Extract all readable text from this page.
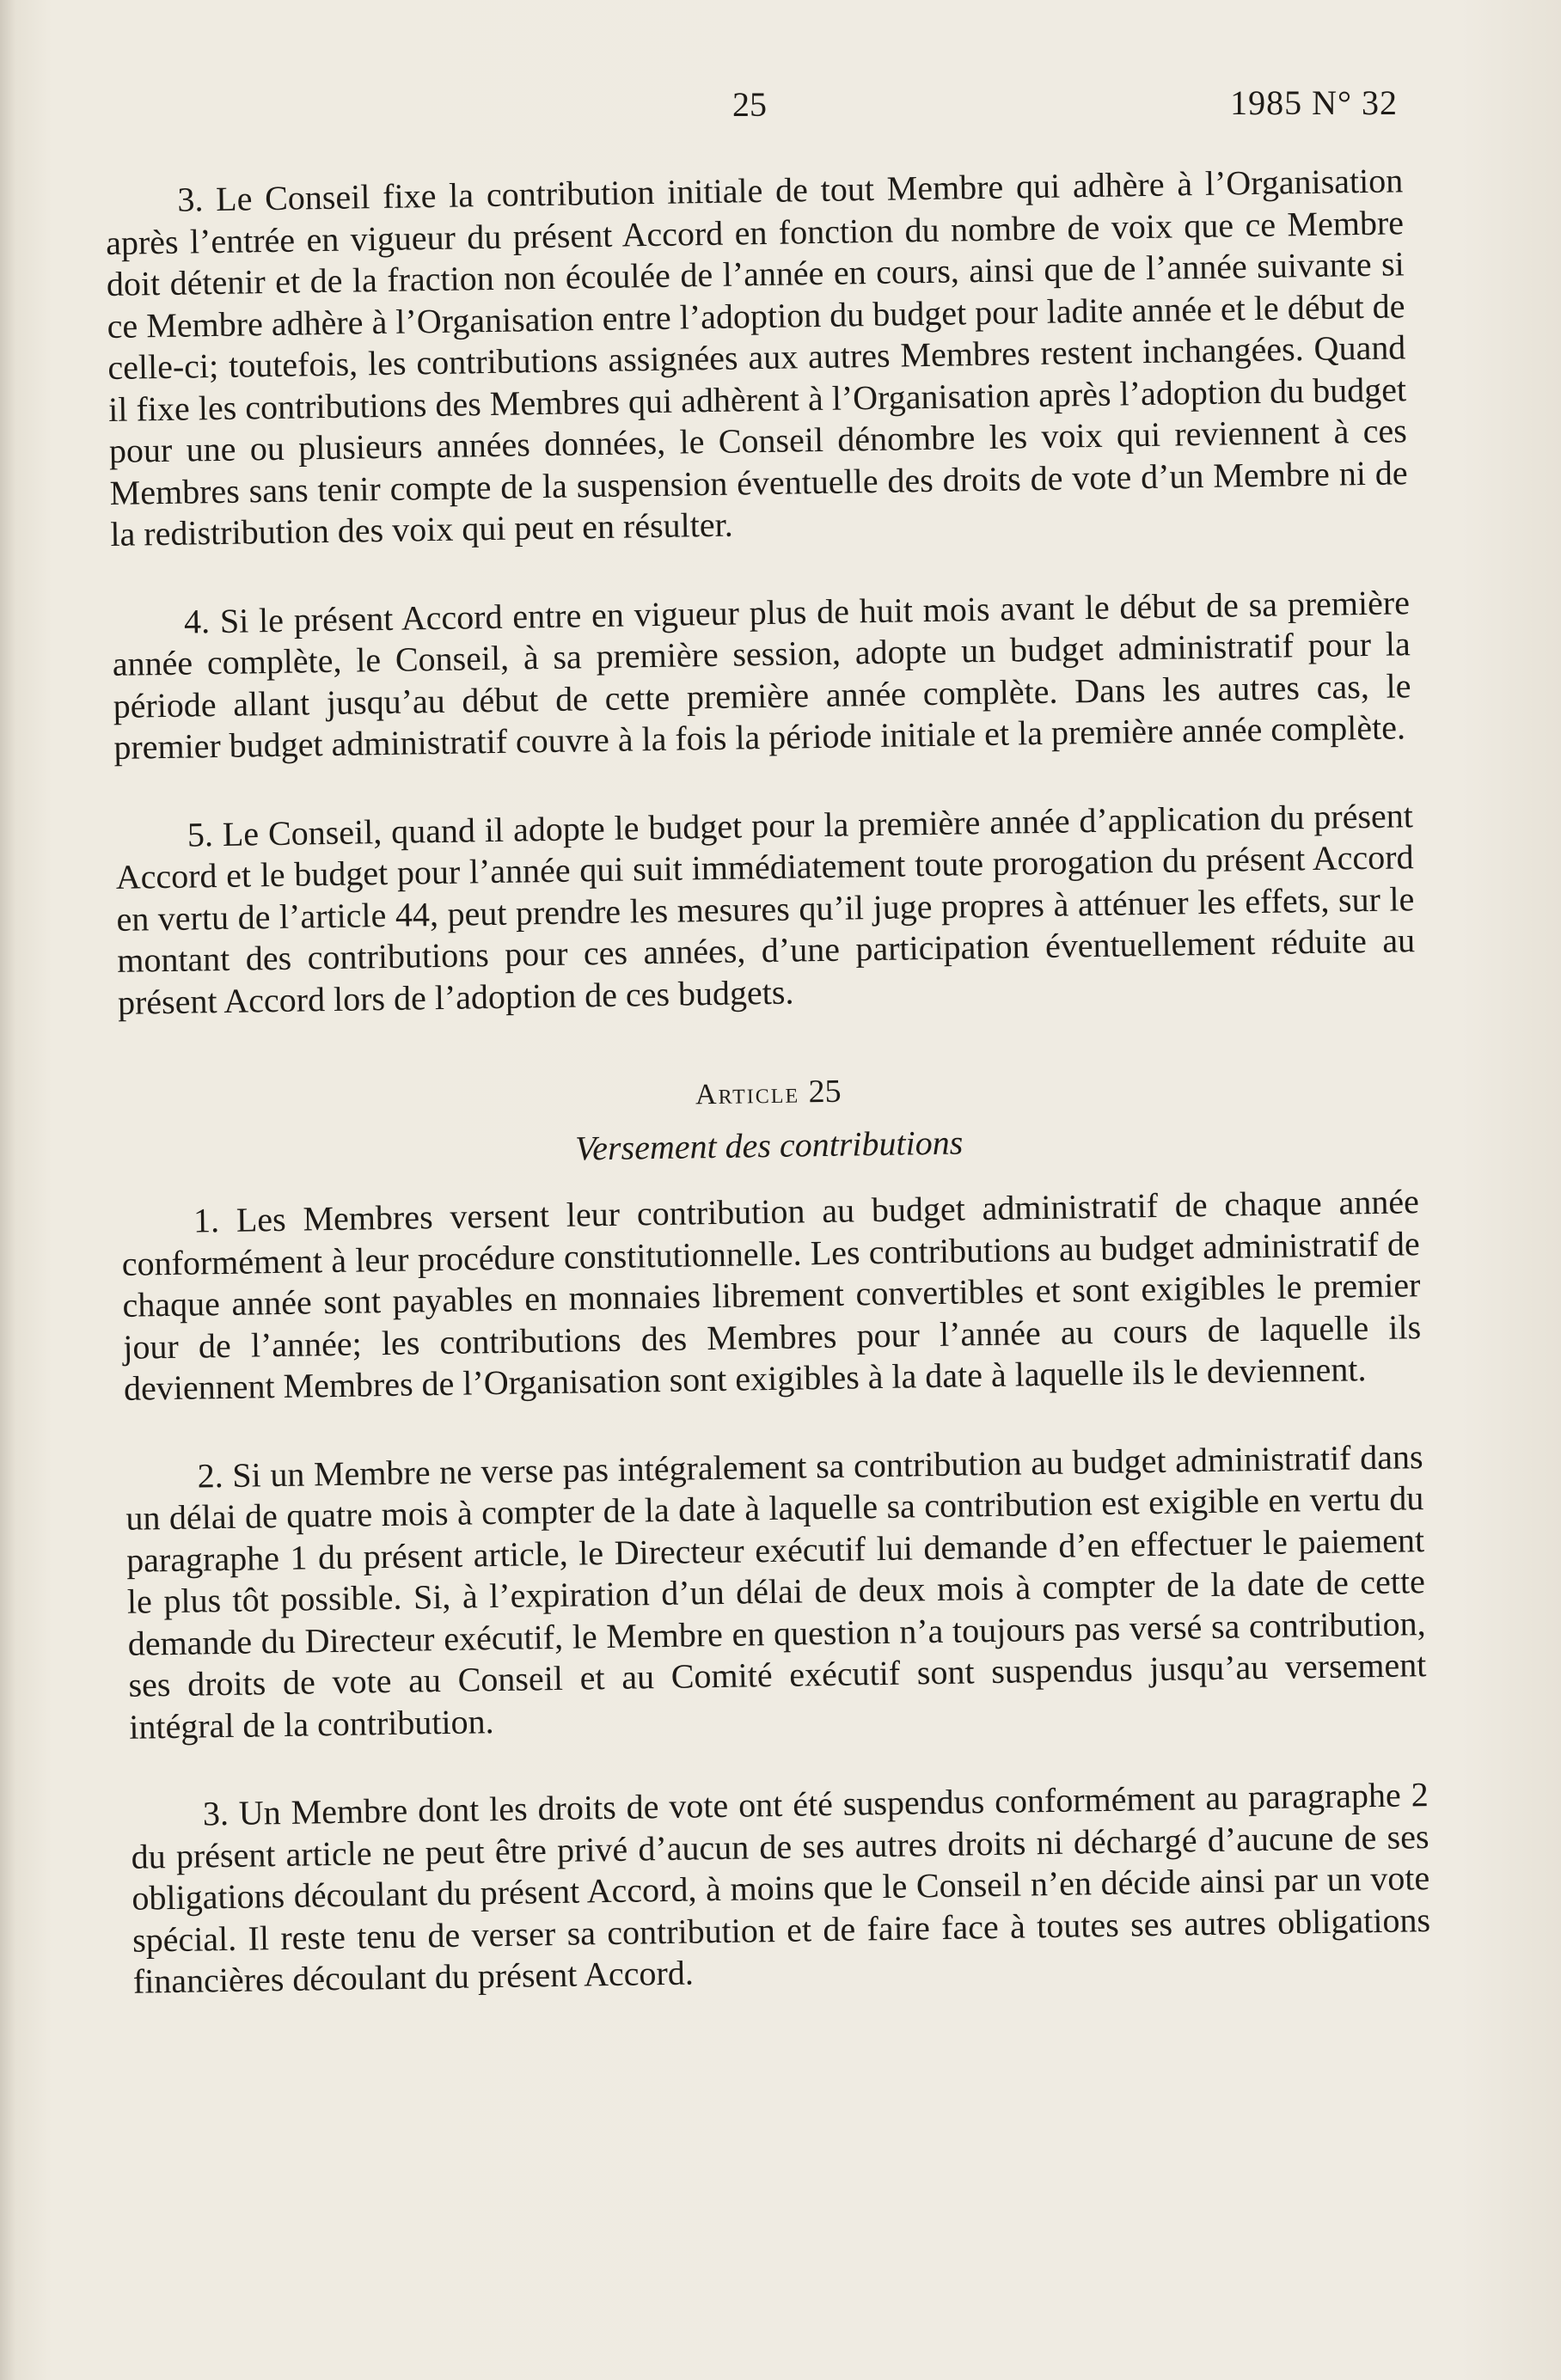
25	1985 N° 32

3. Le Conseil fixe la contribution initiale de tout Membre qui adhère à l’Organisation après l’entrée en vigueur du présent Accord en fonction du nombre de voix que ce Membre doit détenir et de la fraction non écoulée de l’année en cours, ainsi que de l’année suivante si ce Membre adhère à l’Organisation entre l’adoption du budget pour ladite année et le début de celle-ci; toutefois, les contributions assignées aux autres Membres restent inchangées. Quand il fixe les contributions des Membres qui adhèrent à l’Organisation après l’adoption du budget pour une ou plusieurs années données, le Conseil dénombre les voix qui reviennent à ces Membres sans tenir compte de la suspension éventuelle des droits de vote d’un Membre ni de la redistribution des voix qui peut en résulter.

4. Si le présent Accord entre en vigueur plus de huit mois avant le début de sa première année complète, le Conseil, à sa première session, adopte un budget administratif pour la période allant jusqu’au début de cette première année complète. Dans les autres cas, le premier budget administratif couvre à la fois la période initiale et la première année complète.

5. Le Conseil, quand il adopte le budget pour la première année d’application du présent Accord et le budget pour l’année qui suit immédiatement toute prorogation du présent Accord en vertu de l’article 44, peut prendre les mesures qu’il juge propres à atténuer les effets, sur le montant des contributions pour ces années, d’une participation éventuellement réduite au présent Accord lors de l’adoption de ces budgets.

Article 25
Versement des contributions

1. Les Membres versent leur contribution au budget administratif de chaque année conformément à leur procédure constitutionnelle. Les contributions au budget administratif de chaque année sont payables en monnaies librement convertibles et sont exigibles le premier jour de l’année; les contributions des Membres pour l’année au cours de laquelle ils deviennent Membres de l’Organisation sont exigibles à la date à laquelle ils le deviennent.

2. Si un Membre ne verse pas intégralement sa contribution au budget administratif dans un délai de quatre mois à compter de la date à laquelle sa contribution est exigible en vertu du paragraphe 1 du présent article, le Directeur exécutif lui demande d’en effectuer le paiement le plus tôt possible. Si, à l’expiration d’un délai de deux mois à compter de la date de cette demande du Directeur exécutif, le Membre en question n’a toujours pas versé sa contribution, ses droits de vote au Conseil et au Comité exécutif sont suspendus jusqu’au versement intégral de la contribution.

3. Un Membre dont les droits de vote ont été suspendus conformément au paragraphe 2 du présent article ne peut être privé d’aucun de ses autres droits ni déchargé d’aucune de ses obligations découlant du présent Accord, à moins que le Conseil n’en décide ainsi par un vote spécial. Il reste tenu de verser sa contribution et de faire face à toutes ses autres obligations financières découlant du présent Accord.
